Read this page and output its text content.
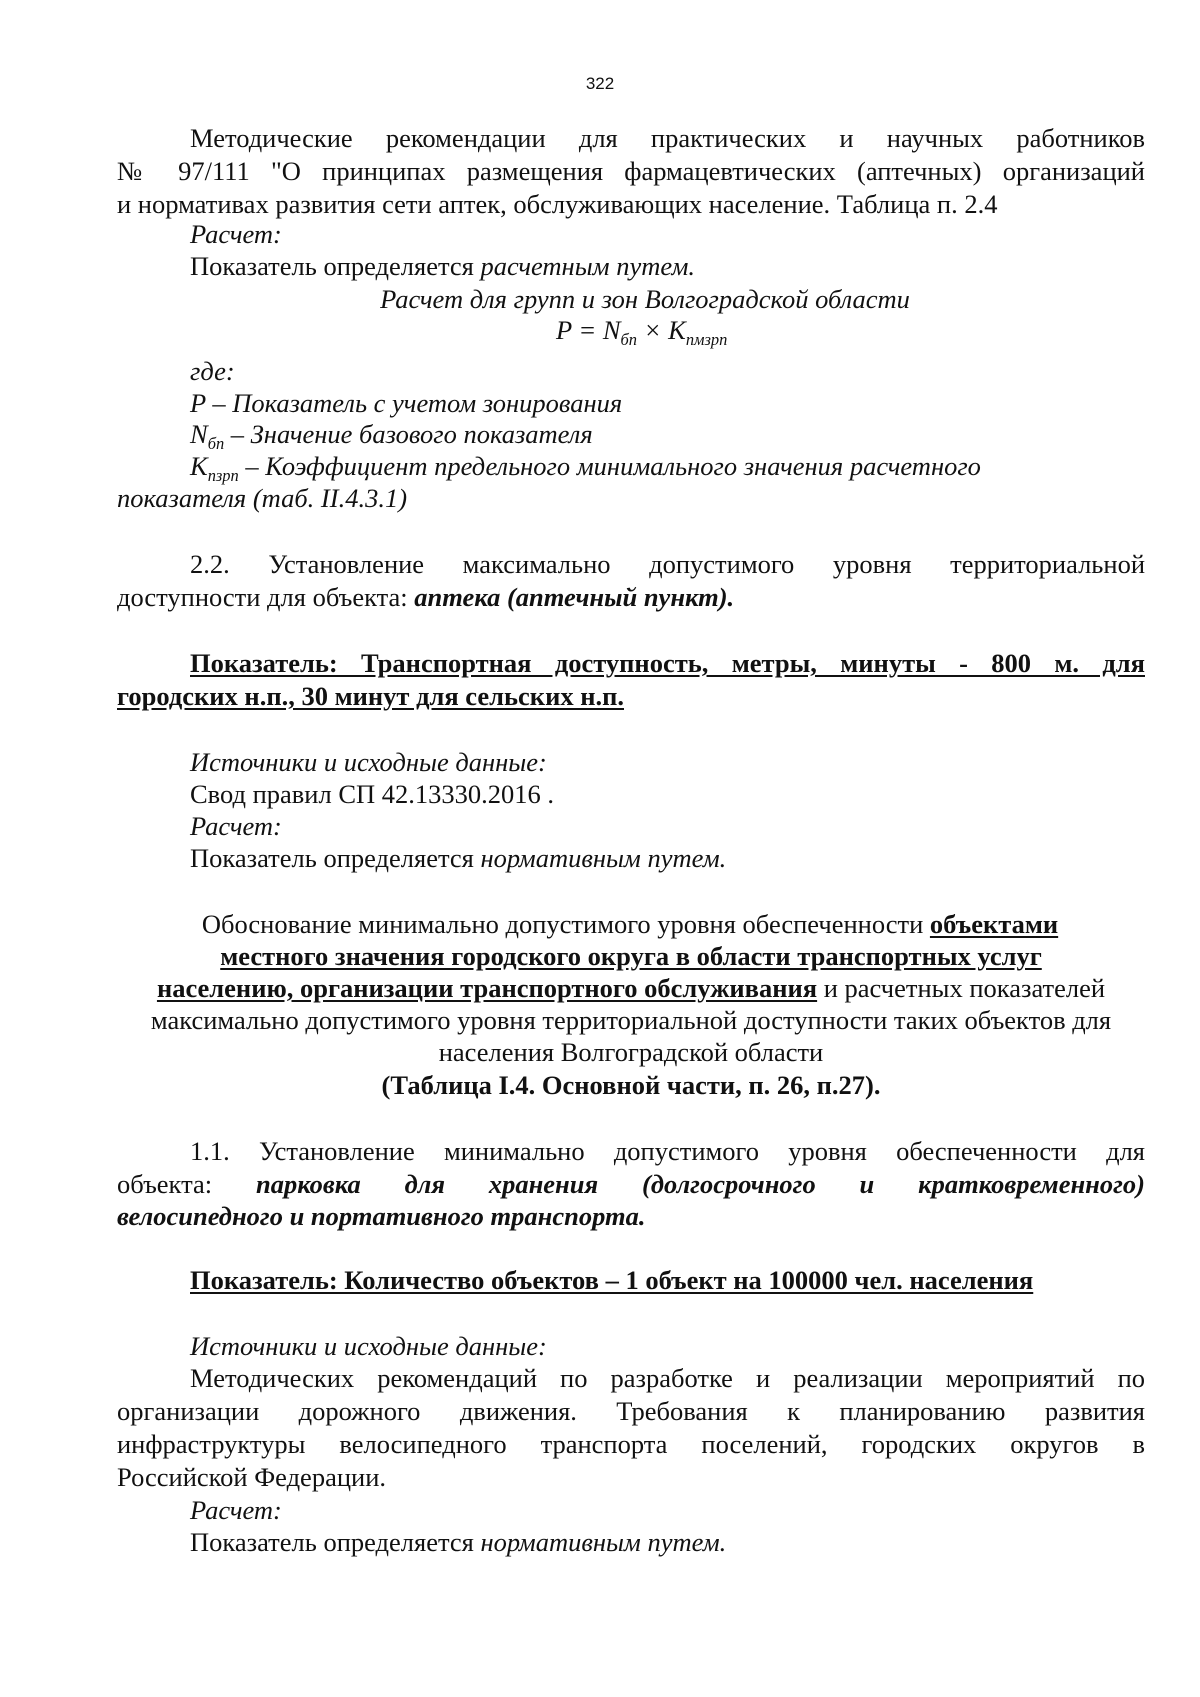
322
Методические рекомендации для практических и научных работников
№ 97/111 "О принципах размещения фармацевтических (аптечных) организаций
и нормативах развития сети аптек, обслуживающих население. Таблица п. 2.4
Расчет:
Показатель определяется расчетным путем.
Расчет для групп и зон Волгоградской области
$P = N_{бп} \times K_{пмзрп}$
где:
P – Показатель с учетом зонирования
$N_{бп}$ – Значение базового показателя
$K_{пзрп}$ – Коэффициент предельного минимального значения расчетного
показателя (таб. II.4.3.1)
2.2. Установление максимально допустимого уровня территориальной
доступности для объекта: аптека (аптечный пункт).
Показатель: Транспортная доступность, метры, минуты - 800 м. для
городских н.п., 30 минут для сельских н.п.
Источники и исходные данные:
Свод правил СП 42.13330.2016 .
Расчет:
Показатель определяется нормативным путем.
Обоснование минимально допустимого уровня обеспеченности объектами
местного значения городского округа в области транспортных услуг
населению, организации транспортного обслуживания и расчетных показателей
максимально допустимого уровня территориальной доступности таких объектов для
населения Волгоградской области
(Таблица I.4. Основной части, п. 26, п.27).
1.1. Установление минимально допустимого уровня обеспеченности для
объекта: парковка для хранения (долгосрочного и кратковременного)
велосипедного и портативного транспорта.
Показатель: Количество объектов – 1 объект на 100000 чел. населения
Источники и исходные данные:
Методических рекомендаций по разработке и реализации мероприятий по
организации дорожного движения. Требования к планированию развития
инфраструктуры велосипедного транспорта поселений, городских округов в
Российской Федерации.
Расчет:
Показатель определяется нормативным путем.
